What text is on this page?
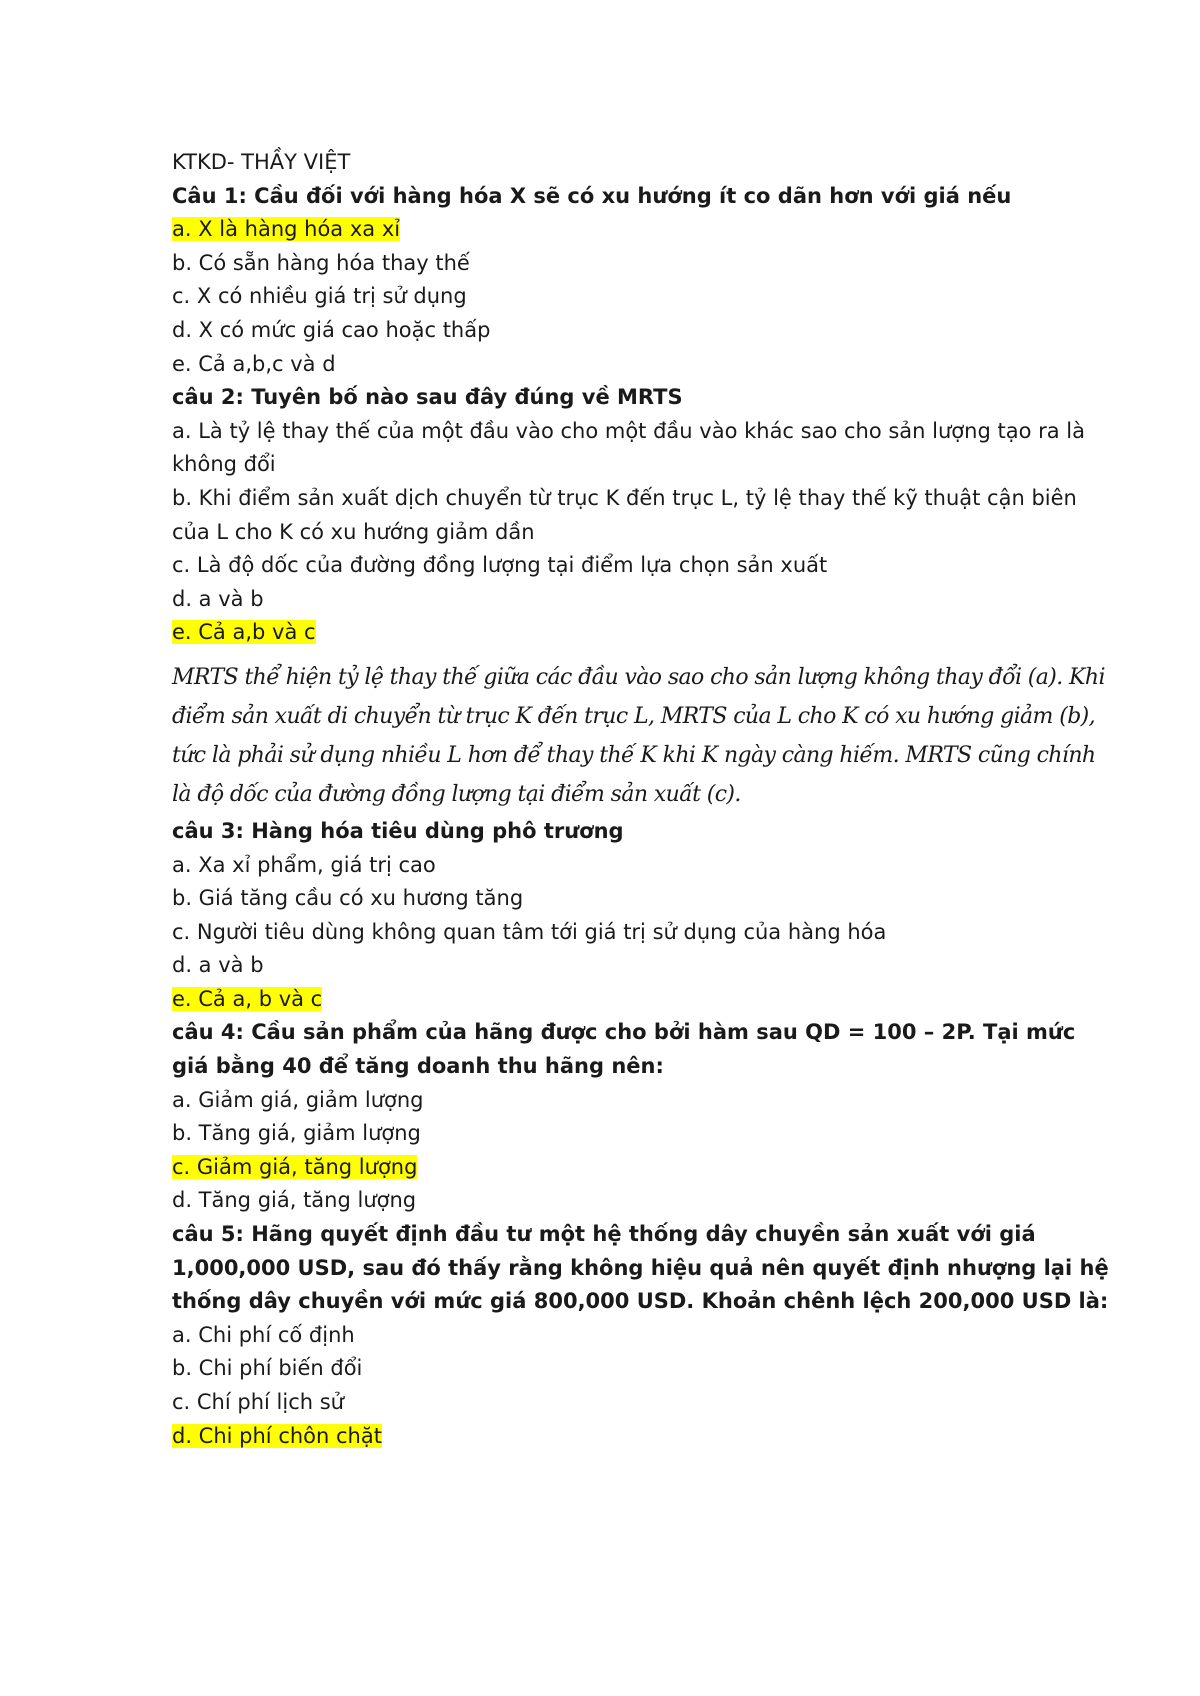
KTKD- THẦY VIỆT
Câu 1: Cầu đối với hàng hóa X sẽ có xu hướng ít co dãn hơn với giá nếu
a. X là hàng hóa xa xỉ
b. Có sẵn hàng hóa thay thế
c. X có nhiều giá trị sử dụng
d. X có mức giá cao hoặc thấp
e. Cả a,b,c và d
câu 2: Tuyên bố nào sau đây đúng về MRTS
a. Là tỷ lệ thay thế của một đầu vào cho một đầu vào khác sao cho sản lượng tạo ra là không đổi
b. Khi điểm sản xuất dịch chuyển từ trục K đến trục L, tỷ lệ thay thế kỹ thuật cận biên của L cho K có xu hướng giảm dần
c. Là độ dốc của đường đồng lượng tại điểm lựa chọn sản xuất
d. a và b
e. Cả a,b và c
MRTS thể hiện tỷ lệ thay thế giữa các đầu vào sao cho sản lượng không thay đổi (a). Khi điểm sản xuất di chuyển từ trục K đến trục L, MRTS của L cho K có xu hướng giảm (b), tức là phải sử dụng nhiều L hơn để thay thế K khi K ngày càng hiếm. MRTS cũng chính là độ dốc của đường đồng lượng tại điểm sản xuất (c).
câu 3: Hàng hóa tiêu dùng phô trương
a. Xa xỉ phẩm, giá trị cao
b. Giá tăng cầu có xu hương tăng
c. Người tiêu dùng không quan tâm tới giá trị sử dụng của hàng hóa
d. a và b
e. Cả a, b và c
câu 4: Cầu sản phẩm của hãng được cho bởi hàm sau QD = 100 – 2P. Tại mức giá bằng 40 để tăng doanh thu hãng nên:
a. Giảm giá, giảm lượng
b. Tăng giá, giảm lượng
c. Giảm giá, tăng lượng
d. Tăng giá, tăng lượng
câu 5: Hãng quyết định đầu tư một hệ thống dây chuyền sản xuất với giá 1,000,000 USD, sau đó thấy rằng không hiệu quả nên quyết định nhượng lại hệ thống dây chuyền với mức giá 800,000 USD. Khoản chênh lệch 200,000 USD là:
a. Chi phí cố định
b. Chi phí biến đổi
c. Chí phí lịch sử
d. Chi phí chôn chặt
